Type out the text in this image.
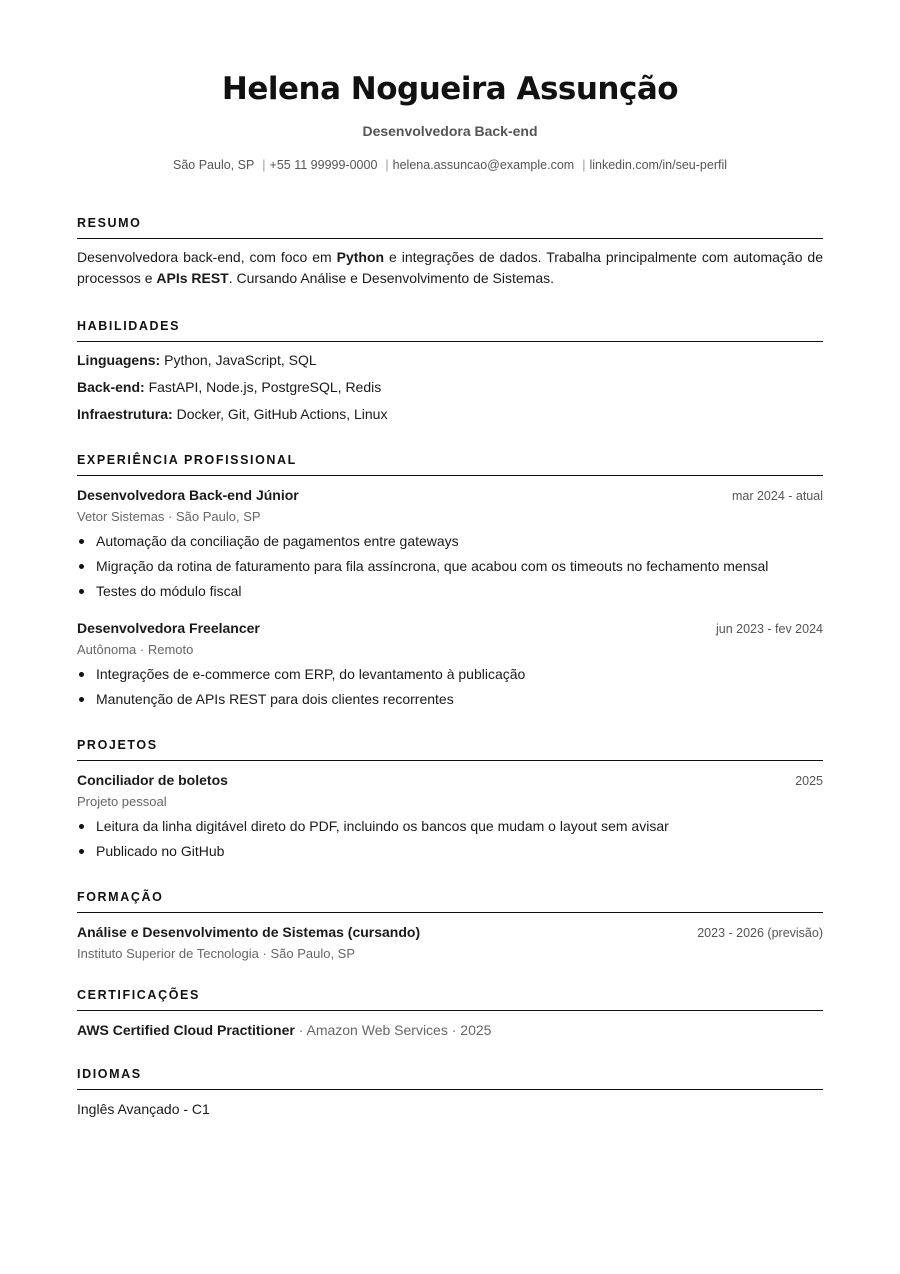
Helena Nogueira Assunção
Desenvolvedora Back-end
São Paulo, SP | +55 11 99999-0000 | helena.assuncao@example.com | linkedin.com/in/seu-perfil
RESUMO
Desenvolvedora back-end, com foco em Python e integrações de dados. Trabalha principalmente com automação de processos e APIs REST. Cursando Análise e Desenvolvimento de Sistemas.
HABILIDADES
Linguagens: Python, JavaScript, SQL
Back-end: FastAPI, Node.js, PostgreSQL, Redis
Infraestrutura: Docker, Git, GitHub Actions, Linux
EXPERIÊNCIA PROFISSIONAL
Desenvolvedora Back-end Júnior	mar 2024 - atual
Vetor Sistemas · São Paulo, SP
Automação da conciliação de pagamentos entre gateways
Migração da rotina de faturamento para fila assíncrona, que acabou com os timeouts no fechamento mensal
Testes do módulo fiscal
Desenvolvedora Freelancer	jun 2023 - fev 2024
Autônoma · Remoto
Integrações de e-commerce com ERP, do levantamento à publicação
Manutenção de APIs REST para dois clientes recorrentes
PROJETOS
Conciliador de boletos	2025
Projeto pessoal
Leitura da linha digitável direto do PDF, incluindo os bancos que mudam o layout sem avisar
Publicado no GitHub
FORMAÇÃO
Análise e Desenvolvimento de Sistemas (cursando)	2023 - 2026 (previsão)
Instituto Superior de Tecnologia · São Paulo, SP
CERTIFICAÇÕES
AWS Certified Cloud Practitioner · Amazon Web Services · 2025
IDIOMAS
Inglês Avançado - C1
